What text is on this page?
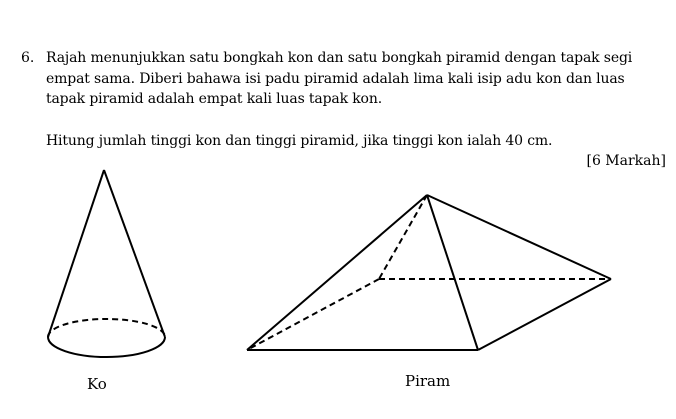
6. Rajah menunjukkan satu bongkah kon dan satu bongkah piramid dengan tapak segi
empat sama. Diberi bahawa isi padu piramid adalah lima kali isip adu kon dan luas
tapak piramid adalah empat kali luas tapak kon.
Hitung jumlah tinggi kon dan tinggi piramid, jika tinggi kon ialah 40 cm.
[6 Markah]
Ko	Piram
